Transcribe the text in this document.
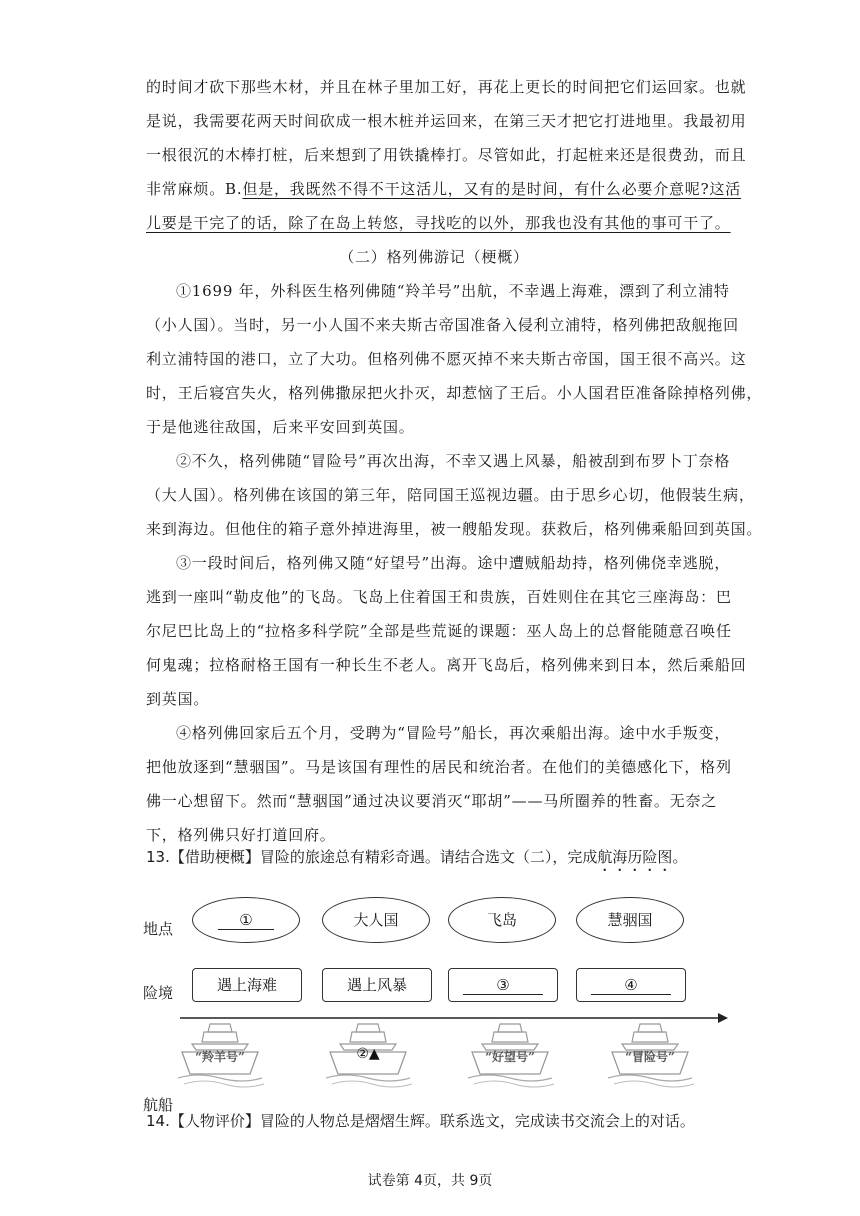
的时间才砍下那些木材，并且在林子里加工好，再花上更长的时间把它们运回家。也就
是说，我需要花两天时间砍成一根木桩并运回来，在第三天才把它打进地里。我最初用
一根很沉的木棒打桩，后来想到了用铁撬棒打。尽管如此，打起桩来还是很费劲，而且
非常麻烦。B.但是，我既然不得不干这活儿，又有的是时间，有什么必要介意呢?这活
儿要是干完了的话，除了在岛上转悠，寻找吃的以外，那我也没有其他的事可干了。
（二）格列佛游记（梗概）
①1699 年，外科医生格列佛随“羚羊号”出航，不幸遇上海难，漂到了利立浦特
（小人国）。当时，另一小人国不来夫斯古帝国准备入侵利立浦特，格列佛把敌舰拖回
利立浦特国的港口，立了大功。但格列佛不愿灭掉不来夫斯古帝国，国王很不高兴。这
时，王后寝宫失火，格列佛撒尿把火扑灭，却惹恼了王后。小人国君臣准备除掉格列佛，
于是他逃往敌国，后来平安回到英国。
②不久，格列佛随“冒险号”再次出海，不幸又遇上风暴，船被刮到布罗卜丁奈格
（大人国）。格列佛在该国的第三年，陪同国王巡视边疆。由于思乡心切，他假装生病，
来到海边。但他住的箱子意外掉进海里，被一艘船发现。获救后，格列佛乘船回到英国。
③一段时间后，格列佛又随“好望号”出海。途中遭贼船劫持，格列佛侥幸逃脱，
逃到一座叫“勒皮他”的飞岛。飞岛上住着国王和贵族，百姓则住在其它三座海岛：巴
尔尼巴比岛上的“拉格多科学院”全部是些荒诞的课题：巫人岛上的总督能随意召唤任
何鬼魂；拉格耐格王国有一种长生不老人。离开飞岛后，格列佛来到日本，然后乘船回
到英国。
④格列佛回家后五个月，受聘为“冒险号”船长，再次乘船出海。途中水手叛变，
把他放逐到“慧骃国”。马是该国有理性的居民和统治者。在他们的美德感化下，格列
佛一心想留下。然而“慧骃国”通过决议要消灭“耶胡”——马所圈养的牲畜。无奈之
下，格列佛只好打道回府。
13.【借助梗概】冒险的旅途总有精彩奇遇。请结合选文（二），完成航海历险图。
地点
险境
航船
①	大人国	飞岛	慧骃国
遇上海难	遇上风暴	③	④
“羚羊号”	②▲	“好望号”	“冒险号”
14.【人物评价】冒险的人物总是熠熠生辉。联系选文，完成读书交流会上的对话。
试卷第 4页，共 9页
